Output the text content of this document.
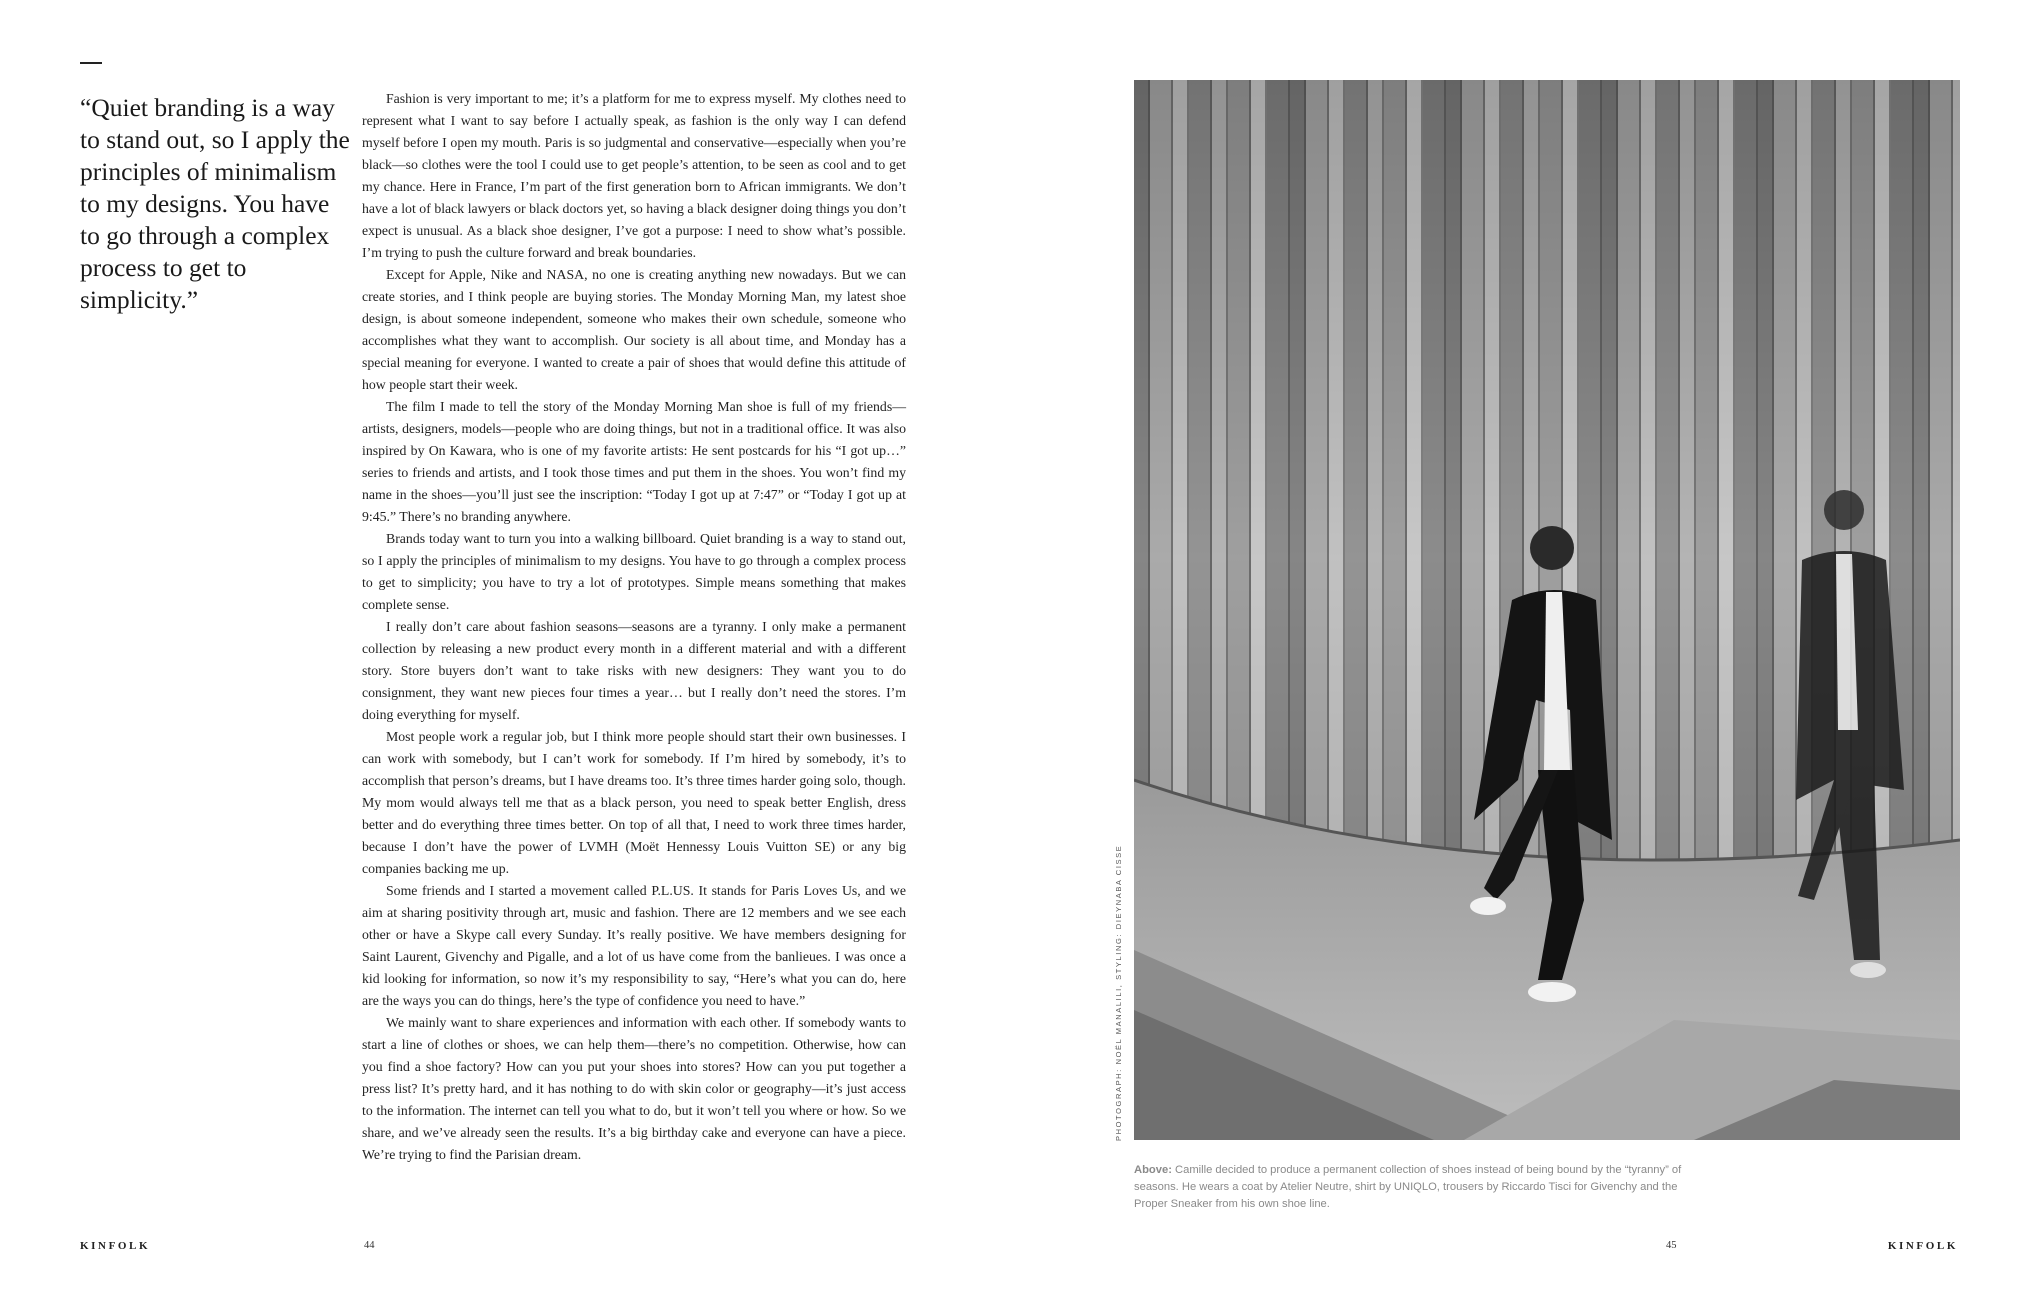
“Quiet branding is a way to stand out, so I apply the principles of minimalism to my designs. You have to go through a complex process to get to simplicity.”

Fashion is very important to me; it’s a platform for me to express myself. My clothes need to represent what I want to say before I actually speak, as fashion is the only way I can defend myself before I open my mouth. Paris is so judgmental and conservative—especially when you’re black—so clothes were the tool I could use to get people’s attention, to be seen as cool and to get my chance. Here in France, I’m part of the first generation born to African immigrants. We don’t have a lot of black lawyers or black doctors yet, so having a black designer doing things you don’t expect is unusual. As a black shoe designer, I’ve got a purpose: I need to show what’s possible. I’m trying to push the culture forward and break boundaries.

Except for Apple, Nike and NASA, no one is creating anything new nowadays. But we can create stories, and I think people are buying stories. The Monday Morning Man, my latest shoe design, is about someone independent, someone who makes their own schedule, someone who accomplishes what they want to accomplish. Our society is all about time, and Monday has a special meaning for everyone. I wanted to create a pair of shoes that would define this attitude of how people start their week.

The film I made to tell the story of the Monday Morning Man shoe is full of my friends—artists, designers, models—people who are doing things, but not in a traditional office. It was also inspired by On Kawara, who is one of my favorite artists: He sent postcards for his “I got up…” series to friends and artists, and I took those times and put them in the shoes. You won’t find my name in the shoes—you’ll just see the inscription: “Today I got up at 7:47” or “Today I got up at 9:45.” There’s no branding anywhere.

Brands today want to turn you into a walking billboard. Quiet branding is a way to stand out, so I apply the principles of minimalism to my designs. You have to go through a complex process to get to simplicity; you have to try a lot of prototypes. Simple means something that makes complete sense.

I really don’t care about fashion seasons—seasons are a tyranny. I only make a permanent collection by releasing a new product every month in a different material and with a different story. Store buyers don’t want to take risks with new designers: They want you to do consignment, they want new pieces four times a year… but I really don’t need the stores. I’m doing everything for myself.

Most people work a regular job, but I think more people should start their own businesses. I can work with somebody, but I can’t work for somebody. If I’m hired by somebody, it’s to accomplish that person’s dreams, but I have dreams too. It’s three times harder going solo, though. My mom would always tell me that as a black person, you need to speak better English, dress better and do everything three times better. On top of all that, I need to work three times harder, because I don’t have the power of LVMH (Moët Hennessy Louis Vuitton SE) or any big companies backing me up.

Some friends and I started a movement called P.L.US. It stands for Paris Loves Us, and we aim at sharing positivity through art, music and fashion. There are 12 members and we see each other or have a Skype call every Sunday. It’s really positive. We have members designing for Saint Laurent, Givenchy and Pigalle, and a lot of us have come from the banlieues. I was once a kid looking for information, so now it’s my responsibility to say, “Here’s what you can do, here are the ways you can do things, here’s the type of confidence you need to have.”

We mainly want to share experiences and information with each other. If somebody wants to start a line of clothes or shoes, we can help them—there’s no competition. Otherwise, how can you find a shoe factory? How can you put your shoes into stores? How can you put together a press list? It’s pretty hard, and it has nothing to do with skin color or geography—it’s just access to the information. The internet can tell you what to do, but it won’t tell you where or how. So we share, and we’ve already seen the results. It’s a big birthday cake and everyone can have a piece. We’re trying to find the Parisian dream.

KINFOLK	44
PHOTOGRAPH: NOËL MANALILI, STYLING: DIEYNABA CISSE

Above: Camille decided to produce a permanent collection of shoes instead of being bound by the “tyranny” of seasons. He wears a coat by Atelier Neutre, shirt by UNIQLO, trousers by Riccardo Tisci for Givenchy and the Proper Sneaker from his own shoe line.

45	KINFOLK
